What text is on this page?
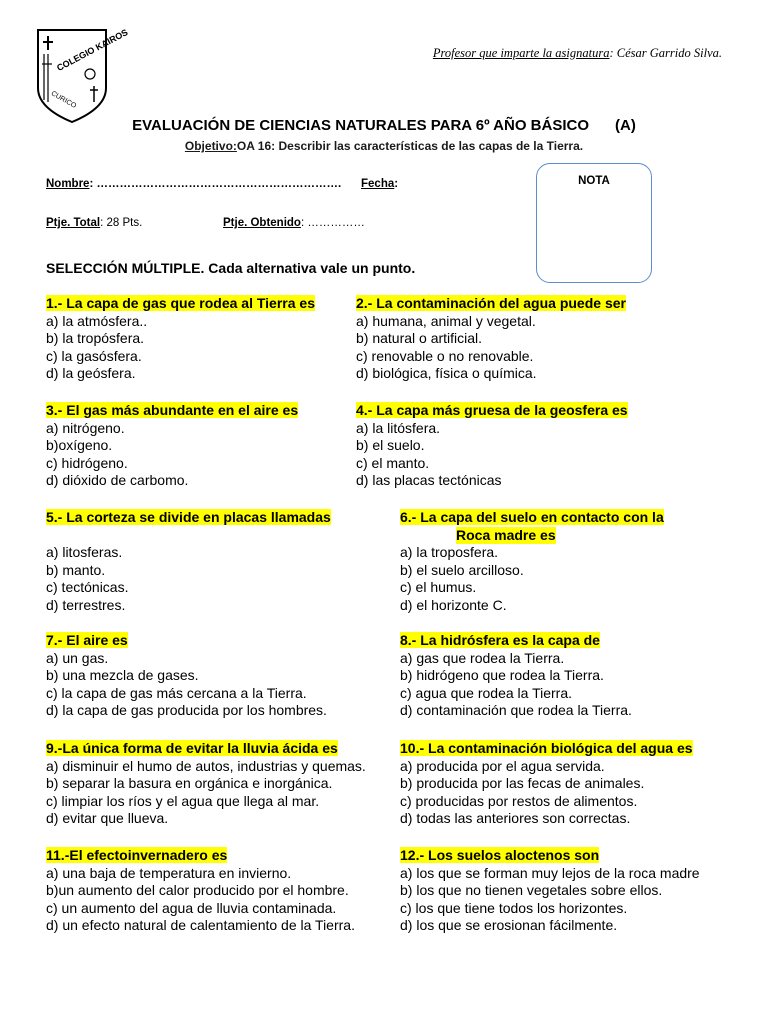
COLEGIO KAIROS
CURICO
Profesor que imparte la asignatura: César Garrido Silva.
EVALUACIÓN DE CIENCIAS NATURALES PARA 6º AÑO BÁSICO (A)
Objetivo:OA 16: Describir las características de las capas de la Tierra.
Nombre: ………………………………………………………. Fecha:
Ptje. Total: 28 Pts.	Ptje. Obtenido: ……………
NOTA
SELECCIÓN MÚLTIPLE. Cada alternativa vale un punto.
1.- La capa de gas que rodea al Tierra es
a) la atmósfera..
b) la tropósfera.
c) la gasósfera.
d) la geósfera.
2.- La contaminación del agua puede ser
a) humana, animal y vegetal.
b) natural o artificial.
c) renovable o no renovable.
d) biológica, física o química.
3.- El gas más abundante en el aire es
a) nitrógeno.
b)oxígeno.
c) hidrógeno.
d) dióxido de carbomo.
4.- La capa más gruesa de la geosfera es
a) la litósfera.
b) el suelo.
c) el manto.
d) las placas tectónicas
5.- La corteza se divide en placas llamadas
a) litosferas.
b) manto.
c) tectónicas.
d) terrestres.
6.- La capa del suelo en contacto con la
Roca madre es
a) la troposfera.
b) el suelo arcilloso.
c) el humus.
d) el horizonte C.
7.- El aire es
a) un gas.
b) una mezcla de gases.
c) la capa de gas más cercana a la Tierra.
d) la capa de gas producida por los hombres.
8.- La hidrósfera es la capa de
a) gas que rodea la Tierra.
b) hidrógeno que rodea la Tierra.
c) agua que rodea la Tierra.
d) contaminación que rodea la Tierra.
9.-La única forma de evitar la lluvia ácida es
a) disminuir el humo de autos, industrias y quemas.
b) separar la basura en orgánica e inorgánica.
c) limpiar los ríos y el agua que llega al mar.
d) evitar que llueva.
10.- La contaminación biológica del agua es
a) producida por el agua servida.
b) producida por las fecas de animales.
c) producidas por restos de alimentos.
d) todas las anteriores son correctas.
11.-El efectoinvernadero es
a) una baja de temperatura en invierno.
b)un aumento del calor producido por el hombre.
c) un aumento del agua de lluvia contaminada.
d) un efecto natural de calentamiento de la Tierra.
12.- Los suelos aloctenos son
a) los que se forman muy lejos de la roca madre
b) los que no tienen vegetales sobre ellos.
c) los que tiene todos los horizontes.
d) los que se erosionan fácilmente.
